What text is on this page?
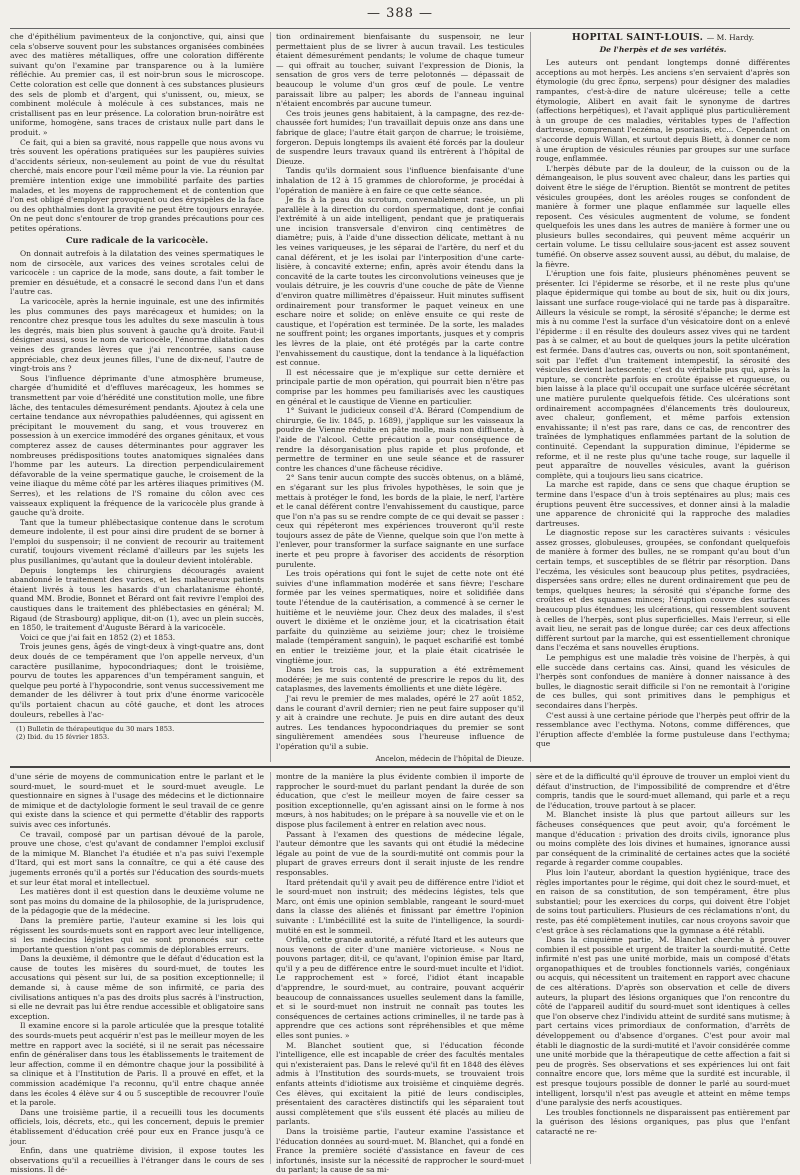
— 388 —

che d'épithélium pavimenteux de la conjonctive, qui, ainsi que cela s'observe souvent pour les substances organisées combinées avec des matières métalliques, offre une coloration différente suivant qu'on l'examine par transparence ou à la lumière réfléchie. Au premier cas, il est noir-brun sous le microscope. Cette coloration est celle que donnent à ces substances plusieurs des sels de plomb et d'argent, qui s'unissent, ou, mieux, se combinent molécule à molécule à ces substances, mais ne cristallisent pas en leur présence. La coloration brun-noirâtre est uniforme, homogène, sans traces de cristaux nulle part dans le produit. »

Ce fait, qui a bien sa gravité, nous rappelle que nous avons vu très souvent les opérations pratiquées sur les paupières suivies d'accidents sérieux, non-seulement au point de vue du résultat cherché, mais encore pour l'œil même pour la vie. La réunion par première intention exige une immobilité parfaite des parties malades, et les moyens de rapprochement et de contention que l'on est obligé d'employer provoquent ou des érysipèles de la face ou des ophthalmies dont la gravité ne peut être toujours enrayée. On ne peut donc s'entourer de trop grandes précautions pour ces petites opérations.

Cure radicale de la varicocèle.

On donnait autrefois à la dilatation des veines spermatiques le nom de cirsocèle, aux varices des veines scrotales celui de varicocèle : un caprice de la mode, sans doute, a fait tomber le premier en désuétude, et a consacré le second dans l'un et dans l'autre cas.

La varicocèle, après la hernie inguinale, est une des infirmités les plus communes des pays marécageux et humides; on la rencontre chez presque tous les adultes du sexe masculin à tous les degrés, mais bien plus souvent à gauche qu'à droite. Faut-il désigner aussi, sous le nom de varicocèle, l'énorme dilatation des veines des grandes lèvres que j'ai rencontrée, sans cause appréciable, chez deux jeunes filles, l'une de dix-neuf, l'autre de vingt-trois ans ?

Sous l'influence déprimante d'une atmosphère brumeuse, chargée d'humidité et d'effluves marécageux, les hommes se transmettent par voie d'hérédité une constitution molle, une fibre lâche, des tentacules démesurément pendants. Ajoutez à cela une certaine tendance aux névropathies paludéennes, qui agissent en précipitant le mouvement du sang, et vous trouverez en possession à un exercice immodéré des organes génitaux, et vous compterez assez de causes déterminantes pour aggraver les nombreuses prédispositions toutes anatomiques signalées dans l'homme par les auteurs. La direction perpendiculairement défavorable de la veine spermatique gauche, le croisement de la veine iliaque du même côté par les artères iliaques primitives (M. Serres), et les relations de l'S romaine du côlon avec ces vaisseaux expliquent la fréquence de la varicocèle plus grande à gauche qu'à droite.

Tant que la tumeur phlébectasique contenue dans le scrotum demeure indolente, il est pour ainsi dire prudent de se borner à l'emploi du suspensoir; il ne convient de recourir au traitement curatif, toujours vivement réclamé d'ailleurs par les sujets les plus pusillanimes, qu'autant que la douleur devient intolérable.

Depuis longtemps les chirurgiens découragés avaient abandonné le traitement des varices, et les malheureux patients étaient livrés à tous les hasards d'un charlatanisme éhonté, quand MM. Brodie, Bonnet et Bérard ont fait revivre l'emploi des caustiques dans le traitement des phlébectasies en général; M. Rigaud (de Strasbourg) applique, dit-on (1), avec un plein succès, en 1850, le traitement d'Auguste Bérard à la varicocèle.

Voici ce que j'ai fait en 1852 (2) et 1853.

Trois jeunes gens, âgés de vingt-deux à vingt-quatre ans, dont deux doués de ce tempérament que l'on appelle nerveux, d'un caractère pusillanime, hypocondriaques; dont le troisième, pourvu de toutes les apparences d'un tempérament sanguin, et quelque peu porté à l'hypocondrie, sont venus successivement me demander de les délivrer à tout prix d'une énorme varicocèle qu'ils portaient chacun au côté gauche, et dont les atroces douleurs, rebelles à l'ac-

(1) Bulletin de thérapeutique du 30 mars 1853.
(2) Ibid. du 15 février 1853.

tion ordinairement bienfaisante du suspensoir, ne leur permettaient plus de se livrer à aucun travail. Les testicules étaient démesurément pendants; le volume de chaque tumeur — qui offrait au toucher, suivant l'expression de Dionis, la sensation de gros vers de terre pelotonnés — dépassait de beaucoup le volume d'un gros œuf de poule. Le ventre paraissait libre au palper; les abords de l'anneau inguinal n'étaient encombrés par aucune tumeur.

Ces trois jeunes gens habitaient, à la campagne, des rez-de-chaussée fort humides; l'un travaillait depuis onze ans dans une fabrique de glace; l'autre était garçon de charrue; le troisième, forgeron. Depuis longtemps ils avaient été forcés par la douleur de suspendre leurs travaux quand ils entrèrent à l'hôpital de Dieuze.

Tandis qu'ils dormaient sous l'influence bienfaisante d'une inhalation de 12 à 15 grammes de chloroforme, je procédai à l'opération de manière à en faire ce que cette séance.

Je fis à la peau du scrotum, convenablement rasée, un pli parallèle à la direction du cordon spermatique, dont je confiai l'extrémité à un aide intelligent, pendant que je pratiquerais une incision transversale d'environ cinq centimètres de diamètre; puis, à l'aide d'une dissection délicate, mettant à nu les veines variqueuses, je les séparai de l'artère, du nerf et du canal déférent, et je les isolai par l'interposition d'une carte-lisière, à concavité externe; enfin, après avoir étendu dans la concavité de la carte toutes les circonvolutions veineuses que je voulais détruire, je les couvris d'une couche de pâte de Vienne d'environ quatre millimètres d'épaisseur. Huit minutes suffisent ordinairement pour transformer le paquet veineux en une eschare noire et solide; on enlève ensuite ce qui reste de caustique, et l'opération est terminée. De la sorte, les malades ne souffrent point; les organes importants, jusques et y compris les lèvres de la plaie, ont été protégés par la carte contre l'envahissement du caustique, dont la tendance à la liquéfaction est connue.

Il est nécessaire que je m'explique sur cette dernière et principale partie de mon opération, qui pourrait bien n'être pas comprise par les hommes peu familiarisés avec les caustiques en général et le caustique de Vienne en particulier.

1° Suivant le judicieux conseil d'A. Bérard (Compendium de chirurgie, 6e liv. 1845, p. 1689), j'applique sur les vaisseaux la poudre de Vienne réduite en pâte molle, mais non diffluente, à l'aide de l'alcool. Cette précaution a pour conséquence de rendre la désorganisation plus rapide et plus profonde, et permettre de terminer en une seule séance et de rassurer contre les chances d'une fâcheuse récidive.

2° Sans tenir aucun compte des succès obtenus, on a blâmé, en s'égarant sur les plus frivoles hypothèses, le soin que je mettais à protéger le fond, les bords de la plaie, le nerf, l'artère et le canal déférent contre l'envahissement du caustique, parce que l'on n'a pas su se rendre compte de ce qui devait se passer : ceux qui répéteront mes expériences trouveront qu'il reste toujours assez de pâte de Vienne, quelque soin que l'on mette à l'enlever, pour transformer la surface saignante en une surface inerte et peu propre à favoriser des accidents de résorption purulente.

Les trois opérations qui font le sujet de cette note ont été suivies d'une inflammation modérée et sans fièvre; l'eschare formée par les veines spermatiques, noire et solidifiée dans toute l'étendue de la cautérisation, a commencé à se cerner le huitième et le neuvième jour. Chez deux des malades, il s'est ouvert le dixième et le onzième jour, et la cicatrisation était parfaite du quinzième au seizième jour; chez le troisième malade (tempérament sanguin), le paquet eschariﬁé est tombé en entier le treizième jour, et la plaie était cicatrisée le vingtième jour.

Dans les trois cas, la suppuration a été extrêmement modérée; je me suis contenté de prescrire le repos du lit, des cataplasmes, des lavements émollients et une diète légère.

J'ai revu le premier de mes malades, opéré le 27 août 1852, dans le courant d'avril dernier; rien ne peut faire supposer qu'il y ait à craindre une rechute. Je puis en dire autant des deux autres. Les tendances hypocondriaques du premier se sont singulièrement amendées sous l'heureuse influence de l'opération qu'il a subie.

Ancelon, médecin de l'hôpital de Dieuze.
HOPITAL SAINT-LOUIS. — M. Hardy.
De l'herpès et de ses variétés.

Les auteurs ont pendant longtemps donné différentes acceptions au mot herpès. Les anciens s'en servaient d'après son étymologie (du grec ἕρπω, serpens) pour désigner des maladies rampantes, c'est-à-dire de nature ulcéreuse; telle a cette étymologie, Alibert en avait fait le synonyme de dartres (affections herpétiques), et l'avait appliqué plus particulièrement à un groupe de ces maladies, véritables types de l'affection dartreuse, comprenant l'eczéma, le psoriasis, etc... Cependant on s'accorde depuis Willan, et surtout depuis Biett, à donner ce nom à une éruption de vésicules réunies par groupes sur une surface rouge, enflammée.

L'herpès débute par de la douleur, de la cuisson ou de la démangeaison, le plus souvent avec chaleur, dans les parties qui doivent être le siége de l'éruption. Bientôt se montrent de petites vésicules groupées, dont les aréoles rouges se confondent de manière à former une plaque enflammée sur laquelle elles reposent. Ces vésicules augmentent de volume, se fondent quelquefois les unes dans les autres de manière à former une ou plusieurs bulles secondaires, qui peuvent même acquérir un certain volume. Le tissu cellulaire sous-jacent est assez souvent tuméfié. On observe assez souvent aussi, au début, du malaise, de la fièvre.

L'éruption une fois faite, plusieurs phénomènes peuvent se présenter. Ici l'épiderme se résorbe, et il ne reste plus qu'une plaque épidermique qui tombe au bout de six, huit ou dix jours, laissant une surface rouge-violacé qui ne tarde pas à disparaître. Ailleurs la vésicule se rompt, la sérosité s'épanche; le derme est mis à nu comme l'est la surface d'un vésicatoire dont on a enlevé l'épiderme : il en résulte des douleurs assez vives qui ne tardent pas à se calmer, et au bout de quelques jours la petite ulcération est fermée. Dans d'autres cas, ouverts ou non, soit spontanément, soit par l'effet d'un traitement intempestif, la sérosité des vésicules devient lactescente; c'est du véritable pus qui, après la rupture, se concrète parfois en croûte épaisse et rugueuse, ou bien laisse à la place qu'il occupait une surface ulcérée sécrétant une matière purulente quelquefois fétide. Ces ulcérations sont ordinairement accompagnées d'élancements très douloureux, avec chaleur, gonflement, et même parfois extension envahissante; il n'est pas rare, dans ce cas, de rencontrer des traînées de lymphatiques enflammées partant de la solution de continuité. Cependant la suppuration diminue, l'épiderme se reforme, et il ne reste plus qu'une tache rouge, sur laquelle il peut apparaître de nouvelles vésicules, avant la guérison complète, qui a toujours lieu sans cicatrice.

La marche est rapide, dans ce sens que chaque éruption se termine dans l'espace d'un à trois septénaires au plus; mais ces éruptions peuvent être successives, et donner ainsi à la maladie une apparence de chronicité qui la rapproche des maladies dartreuses.

Le diagnostic repose sur les caractères suivants : vésicules assez grosses, globuleuses, groupées, se confondant quelquefois de manière à former des bulles, ne se rompant qu'au bout d'un certain temps, et susceptibles de se flétrir par résorption. Dans l'eczéma, les vésicules sont beaucoup plus petites, psydraciées, dispersées sans ordre; elles ne durent ordinairement que peu de temps, quelques heures; la sérosité qui s'épanche forme des croûtes et des squames minces; l'éruption couvre des surfaces beaucoup plus étendues; les ulcérations, qui ressemblent souvent à celles de l'herpès, sont plus superficielles. Mais l'erreur, si elle avait lieu, ne serait pas de longue durée; car ces deux affections diffèrent surtout par la marche, qui est essentiellement chronique dans l'eczéma et sans nouvelles éruptions.

Le pemphigus est une maladie très voisine de l'herpès, à qui elle succède dans certains cas. Ainsi, quand les vésicules de l'herpès sont confondues de manière à donner naissance à des bulles, le diagnostic serait difficile si l'on ne remontait à l'origine de ces bulles, qui sont primitives dans le pemphigus et secondaires dans l'herpès.

C'est aussi à une certaine période que l'herpès peut offrir de la ressemblance avec l'ecthyma. Notons, comme différences, que l'éruption affecte d'emblée la forme pustuleuse dans l'ecthyma; que

d'une série de moyens de communication entre le parlant et le sourd-muet, le sourd-muet et le sourd-muet aveugle. Le questionnaire en signes à l'usage des médecins et le dictionnaire de mimique et de dactylologie forment le seul travail de ce genre qui existe dans la science et qui permette d'établir des rapports suivis avec ces infortunés.

Ce travail, composé par un partisan dévoué de la parole, prouve une chose, c'est qu'avant de condamner l'emploi exclusif de la mimique M. Blanchet l'a étudiée et n'a pas suivi l'exemple d'Itard, qui est mort sans la connaître, ce qui a été cause des jugements erronés qu'il a portés sur l'éducation des sourds-muets et sur leur état moral et intellectuel.

Les matières dont il est question dans le deuxième volume ne sont pas moins du domaine de la philosophie, de la jurisprudence, de la pédagogie que de la médecine.

Dans la première partie, l'auteur examine si les lois qui régissent les sourds-muets sont en rapport avec leur intelligence, si les médecins légistes qui se sont prononcés sur cette importante question n'ont pas commis de déplorables erreurs.

Dans la deuxième, il démontre que le défaut d'éducation est la cause de toutes les misères du sourd-muet, de toutes les accusations qui pèsent sur lui, de sa position exceptionnelle; il demande si, à cause même de son infirmité, ce paria des civilisations antiques n'a pas des droits plus sacrés à l'instruction, si elle ne devrait pas lui être rendue accessible et obligatoire sans exception.

Il examine encore si la parole articulée que la presque totalité des sourds-muets peut acquérir n'est pas le meilleur moyen de les mettre en rapport avec la société, si il ne serait pas nécessaire enfin de généraliser dans tous les établissements le traitement de leur affection, comme il en démontre chaque jour la possibilité à sa clinique et à l'Institution de Paris. Il a prouvé en effet, et la commission académique l'a reconnu, qu'il entre chaque année dans les écoles 4 élève sur 4 ou 5 susceptible de recouvrer l'ouïe et la parole.

Dans une troisième partie, il a recueilli tous les documents officiels, lois, décrets, etc., qui les concernent, depuis le premier établissement d'éducation créé pour eux en France jusqu'à ce jour.

Enfin, dans une quatrième division, il expose toutes les observations qu'il a recueillies à l'étranger dans le cours de ses missions. Il dé-

montre de la manière la plus évidente combien il importe de rapprocher le sourd-muet du parlant pendant la durée de son éducation, que c'est le meilleur moyen de faire cesser sa position exceptionnelle, qu'en agissant ainsi on le forme à nos mœurs, à nos habitudes; on le prépare à sa nouvelle vie et on le dispose plus facilement à entrer en relation avec nous.

Passant à l'examen des questions de médecine légale, l'auteur démontre que les savants qui ont étudié la médecine légale au point de vue de la sourdi-mutité ont commis pour la plupart de graves erreurs dont il serait injuste de les rendre responsables.

Itard prétendait qu'il y avait peu de différence entre l'idiot et le sourd-muet non instruit; des médecins légistes, tels que Marc, ont émis une opinion semblable, rangeant le sourd-muet dans la classe des aliénés et finissant par émettre l'opinion suivante : L'imbécillité est la suite de l'intelligence, la sourdi-mutité en est le sommeil.

Orfila, cette grande autorité, a réfuté Itard et les auteurs que nous venons de citer d'une manière victorieuse. « Nous ne pouvons partager, dit-il, ce qu'avant, l'opinion émise par Itard, qu'il y a peu de différence entre le sourd-muet inculte et l'idiot. Le rapprochement est » forcé, l'idiot étant incapable d'apprendre, le sourd-muet, au contraire, pouvant acquérir beaucoup de connaissances usuelles seulement dans la famille, et si le sourd-muet non instruit ne connaît pas toutes les conséquences de certaines actions criminelles, il ne tarde pas à apprendre que ces actions sont répréhensibles et que même elles sont punies. »

M. Blanchet soutient que, si l'éducation féconde l'intelligence, elle est incapable de créer des facultés mentales qui n'existeraient pas. Dans le relevé qu'il fit en 1848 des élèves admis à l'Institution des sourds-muets, se trouvaient trois enfants atteints d'idiotisme aux troisième et cinquième degrés. Ces élèves, qui excitaient la pitié de leurs condisciples, présentaient des caractères distinctifs qui les séparaient tout aussi complètement que s'ils eussent été placés au milieu de parlants.

Dans la troisième partie, l'auteur examine l'assistance et l'éducation données au sourd-muet. M. Blanchet, qui a fondé en France la première société d'assistance en faveur de ces infortunés, insiste sur la nécessité de rapprocher le sourd-muet du parlant; la cause de sa mi-

sère et de la difficulté qu'il éprouve de trouver un emploi vient du défaut d'instruction, de l'impossibilité de comprendre et d'être compris, tandis que le sourd-muet allemand, qui parle et a reçu de l'éducation, trouve partout à se placer.

M. Blanchet insiste là plus que partout ailleurs sur les fâcheuses conséquences que peut avoir, qu'a forcément le manque d'éducation : privation des droits civils, ignorance plus ou moins complète des lois divines et humaines, ignorance aussi par conséquent de la criminalité de certaines actes que la société regarde à regarder comme coupables.

Plus loin l'auteur, abordant la question hygiénique, trace des règles importantes pour le régime, qui doit chez le sourd-muet, et en raison de sa constitution, de son tempérament, être plus substantiel; pour les exercices du corps, qui doivent être l'objet de soins tout particuliers. Plusieurs de ces réclamations n'ont, du reste, pas été complètement inutiles, car nous croyons savoir que c'est grâce à ses réclamations que la gymnase a été rétabli.

Dans la cinquième partie, M. Blanchet cherche à prouver combien il est possible et urgent de traiter la sourdi-mutité. Cette infirmité n'est pas une unité morbide, mais un composé d'états organopathiques et de troubles fonctionnels variés, congéniaux ou acquis, qui nécessitent un traitement en rapport avec chacune de ces altérations. D'après son observation et celle de divers auteurs, la plupart des lésions organiques que l'on rencontre du côté de l'appareil auditif du sourd-muet sont identiques à celles que l'on observe chez l'individu atteint de surdité sans mutisme; à part certains vices primordiaux de conformation, d'arrêts de développement ou d'absence d'organes. C'est pour avoir mal établi le diagnostic de la surdi-mutité et l'avoir considérée comme une unité morbide que la thérapeutique de cette affection a fait si peu de progrès. Ses observations et ses expériences lui ont fait connaître encore que, lors même que la surdité est incurable, il est presque toujours possible de donner le parlé au sourd-muet intelligent, lorsqu'il n'est pas aveugle et atteint en même temps d'une paralysie des nerfs acoustiques.

Les troubles fonctionnels ne disparaissent pas entièrement par la guérison des lésions organiques, pas plus que l'enfant cataracté ne re-
